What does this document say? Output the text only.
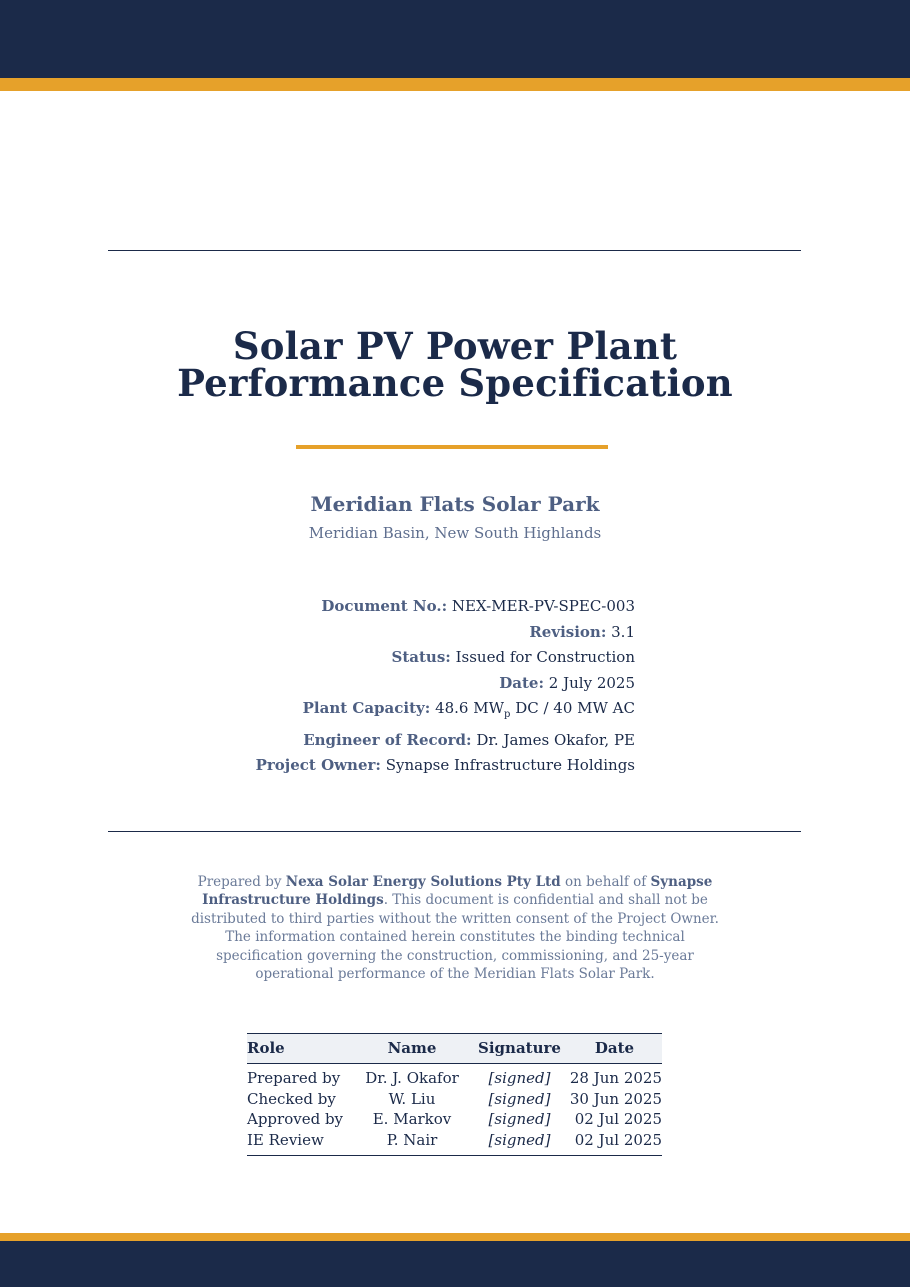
Solar PV Power Plant
Performance Specification
Meridian Flats Solar Park
Meridian Basin, New South Highlands
Document No.: NEX-MER-PV-SPEC-003
Revision: 3.1
Status: Issued for Construction
Date: 2 July 2025
Plant Capacity: 48.6 $MW_p$ DC / 40 MW AC
Engineer of Record: Dr. James Okafor, PE
Project Owner: Synapse Infrastructure Holdings
Prepared by Nexa Solar Energy Solutions Pty Ltd on behalf of Synapse Infrastructure Holdings. This document is confidential and shall not be distributed to third parties without the written consent of the Project Owner. The information contained herein constitutes the binding technical specification governing the construction, commissioning, and 25-year operational performance of the Meridian Flats Solar Park.
Role	Name	Signature	Date
Prepared by	Dr. J. Okafor	[signed]	28 Jun 2025
Checked by	W. Liu	[signed]	30 Jun 2025
Approved by	E. Markov	[signed]	02 Jul 2025
IE Review	P. Nair	[signed]	02 Jul 2025
